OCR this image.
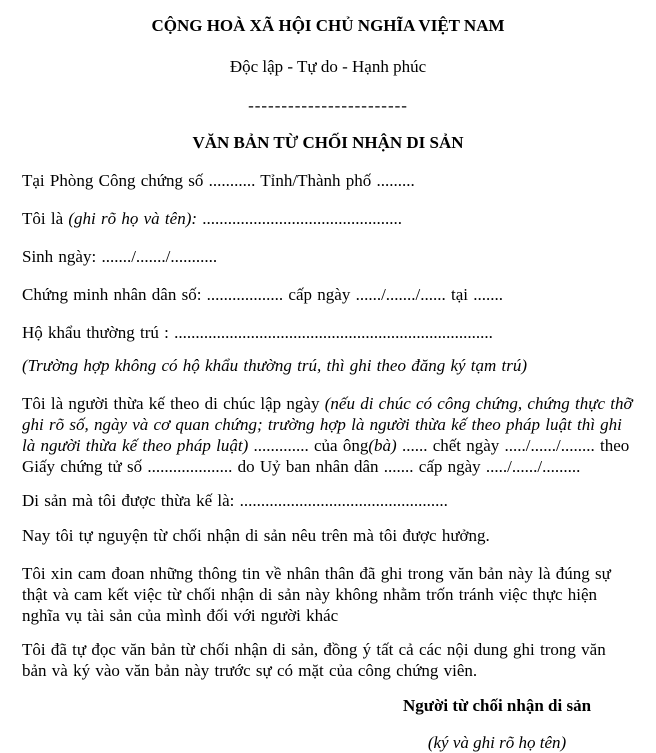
CỘNG HOÀ XÃ HỘI CHỦ NGHĨA VIỆT NAM
Độc lập - Tự do - Hạnh phúc
------------------------
VĂN BẢN TỪ CHỐI NHẬN DI SẢN

Tại Phòng Công chứng số ........... Tỉnh/Thành phố .........

Tôi là (ghi rõ họ và tên): ...............................................

Sinh ngày: ......./......./...........

Chứng minh nhân dân số: .................. cấp ngày ....../......./...... tại .......

Hộ khẩu thường trú : ...........................................................................

(Trường hợp không có hộ khẩu thường trú, thì ghi theo đăng ký tạm trú)

Tôi là người thừa kế theo di chúc lập ngày (nếu di chúc có công chứng, chứng thực thỡ ghi rõ số, ngày và cơ quan chứng; trường hợp là người thừa kế theo pháp luật thì ghi là người thừa kế theo pháp luật) ............. của ông(bà) ...... chết ngày ...../....../........ theo Giấy chứng tử số .................... do Uỷ ban nhân dân ....... cấp ngày ...../....../.........

Di sản mà tôi được thừa kế là: .................................................

Nay tôi tự nguyện từ chối nhận di sản nêu trên mà tôi được hưởng.

Tôi xin cam đoan những thông tin về nhân thân đã ghi trong văn bản này là đúng sự thật và cam kết việc từ chối nhận di sản này không nhằm trốn tránh việc thực hiện nghĩa vụ tài sản của mình đối với người khác

Tôi đã tự đọc văn bản từ chối nhận di sản, đồng ý tất cả các nội dung ghi trong văn bản và ký vào văn bản này trước sự có mặt của công chứng viên.

Người từ chối nhận di sản
(ký và ghi rõ họ tên)
